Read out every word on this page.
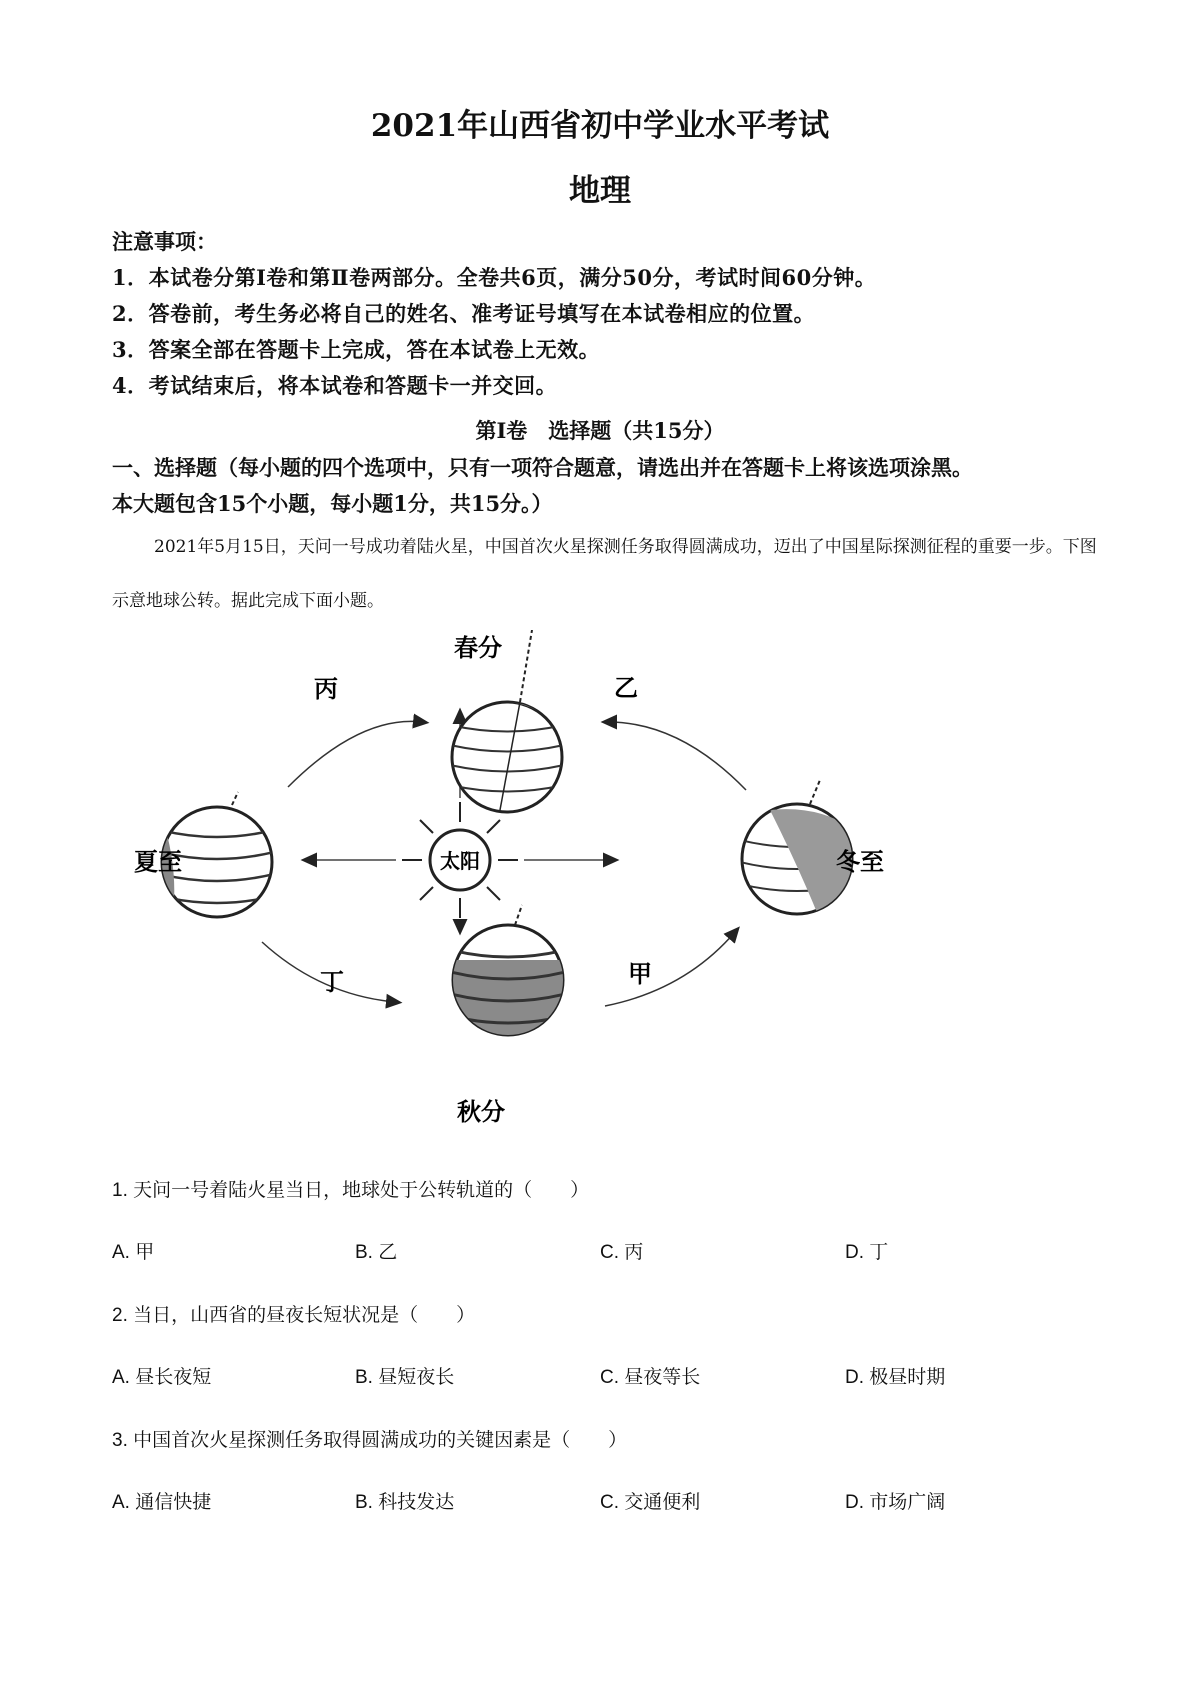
2021年山西省初中学业水平考试
地理
注意事项：
1．本试卷分第Ⅰ卷和第Ⅱ卷两部分。全卷共6页，满分50分，考试时间60分钟。
2．答卷前，考生务必将自己的姓名、准考证号填写在本试卷相应的位置。
3．答案全部在答题卡上完成，答在本试卷上无效。
4．考试结束后，将本试卷和答题卡一并交回。
第Ⅰ卷　选择题（共15分）
一、选择题（每小题的四个选项中，只有一项符合题意，请选出并在答题卡上将该选项涂黑。
本大题包含15个小题，每小题1分，共15分。）
2021年5月15日，天问一号成功着陆火星，中国首次火星探测任务取得圆满成功，迈出了中国星际探测征程的重要一步。下图示意地球公转。据此完成下面小题。
太阳
春分
夏至
秋分
冬至
甲
乙
丙
丁
1. 天问一号着陆火星当日，地球处于公转轨道的（　　）
A. 甲	B. 乙	C. 丙	D. 丁
2. 当日，山西省的昼夜长短状况是（　　）
A. 昼长夜短	B. 昼短夜长	C. 昼夜等长	D. 极昼时期
3. 中国首次火星探测任务取得圆满成功的关键因素是（　　）
A. 通信快捷	B. 科技发达	C. 交通便利	D. 市场广阔
